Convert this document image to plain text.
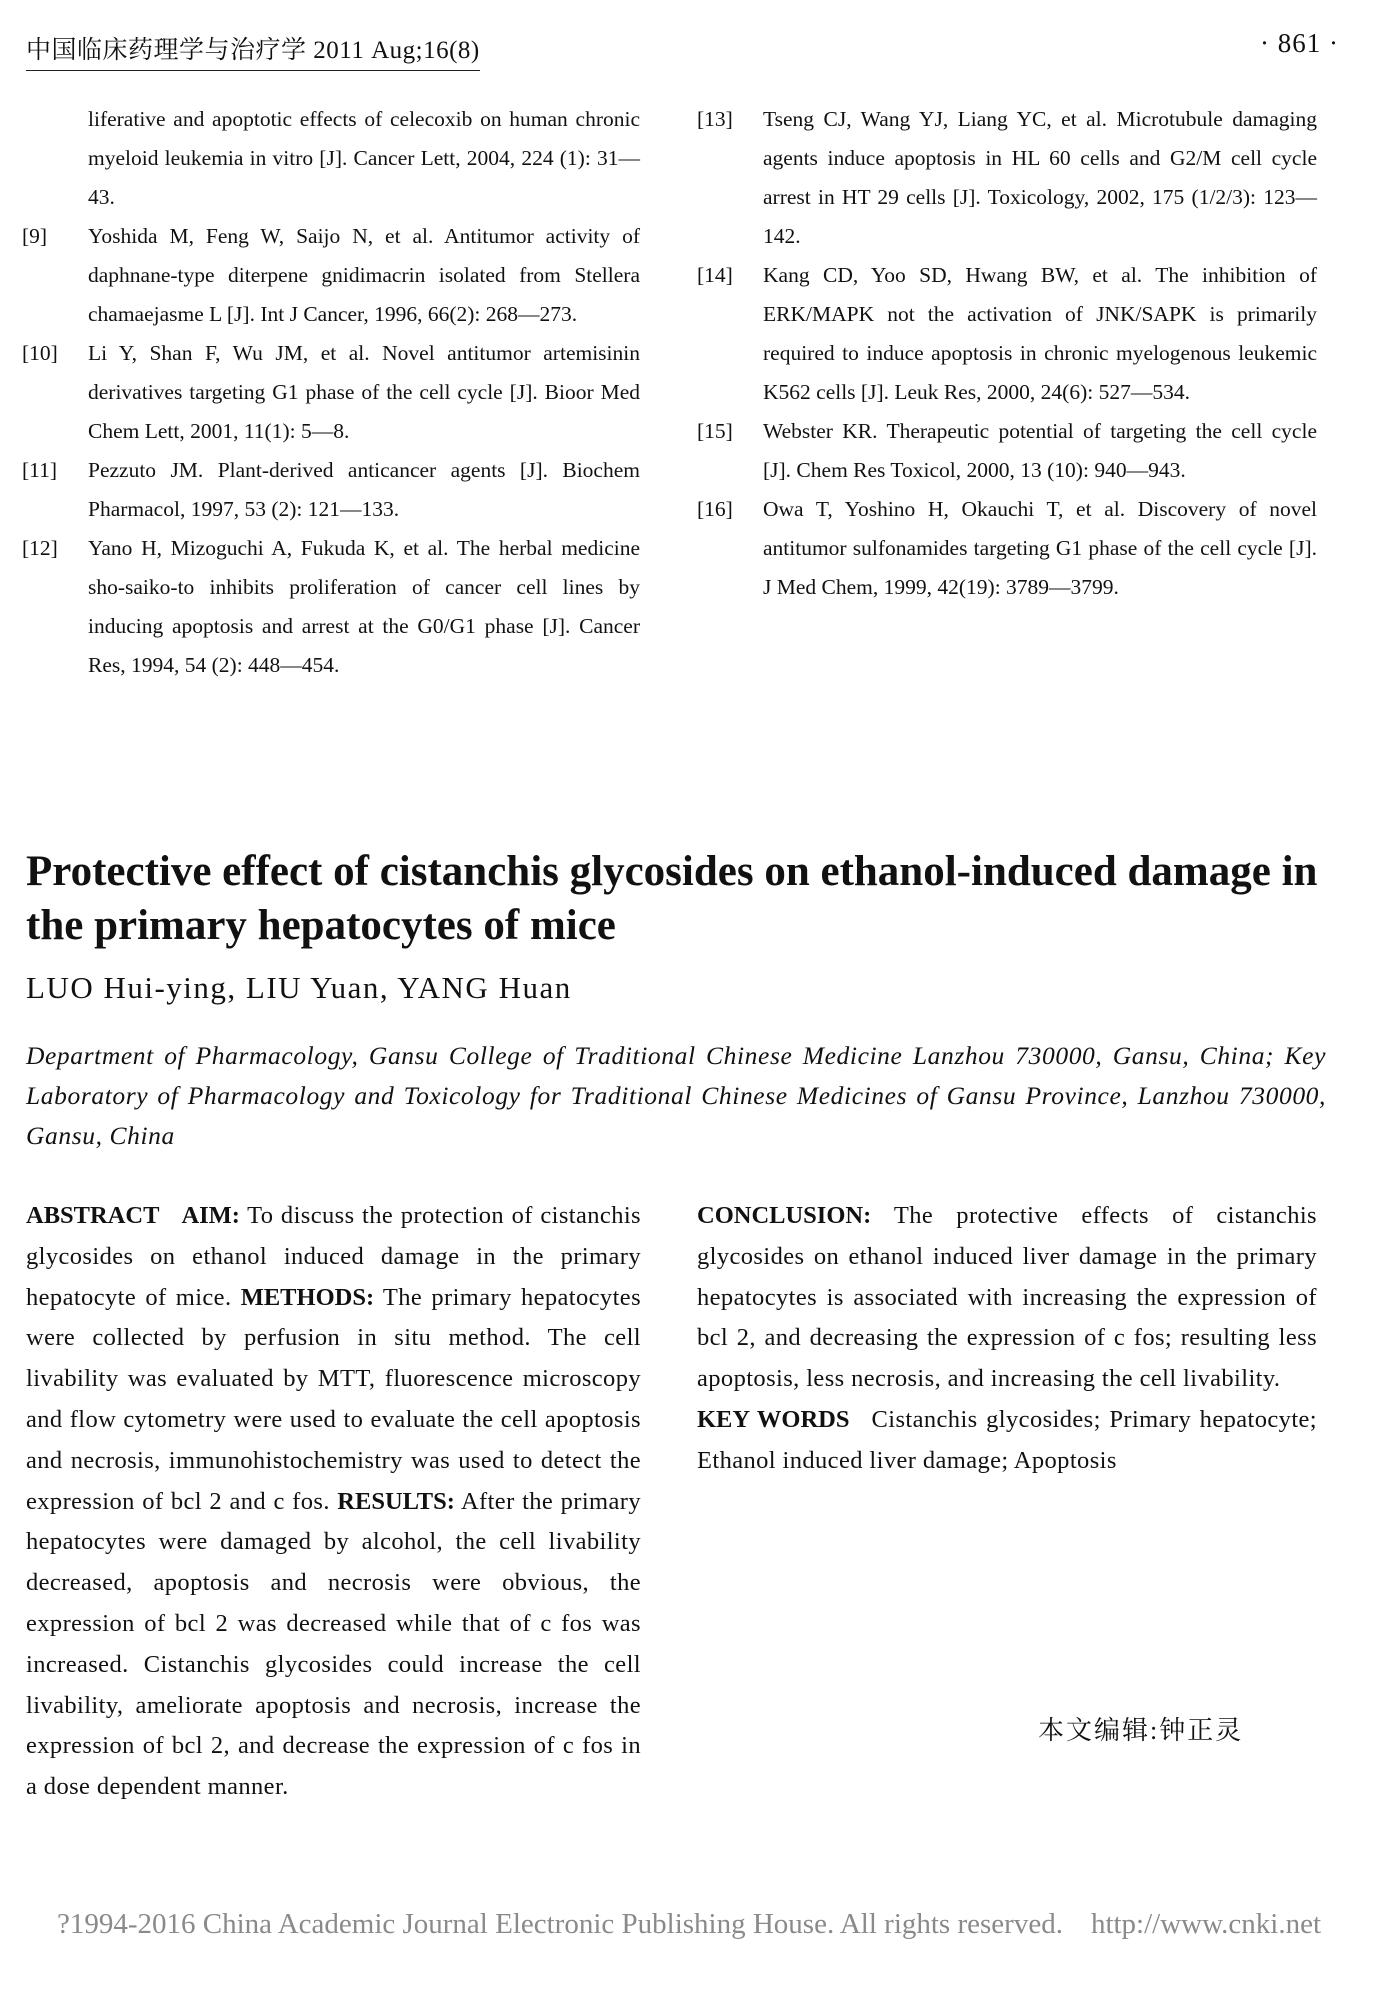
中国临床药理学与治疗学 2011 Aug;16(8)	· 861 ·
liferative and apoptotic effects of celecoxib on human chronic myeloid leukemia in vitro [J]. Cancer Lett, 2004, 224 (1): 31—43.
[9] Yoshida M, Feng W, Saijo N, et al. Antitumor activity of daphnane-type diterpene gnidimacrin isolated from Stellera chamaejasme L [J]. Int J Cancer, 1996, 66(2): 268—273.
[10] Li Y, Shan F, Wu JM, et al. Novel antitumor artemisinin derivatives targeting G1 phase of the cell cycle [J]. Bioor Med Chem Lett, 2001, 11(1): 5—8.
[11] Pezzuto JM. Plant-derived anticancer agents [J]. Biochem Pharmacol, 1997, 53 (2): 121—133.
[12] Yano H, Mizoguchi A, Fukuda K, et al. The herbal medicine sho-saiko-to inhibits proliferation of cancer cell lines by inducing apoptosis and arrest at the G0/G1 phase [J]. Cancer Res, 1994, 54 (2): 448—454.
[13] Tseng CJ, Wang YJ, Liang YC, et al. Microtubule damaging agents induce apoptosis in HL 60 cells and G2/M cell cycle arrest in HT 29 cells [J]. Toxicology, 2002, 175 (1/2/3): 123—142.
[14] Kang CD, Yoo SD, Hwang BW, et al. The inhibition of ERK/MAPK not the activation of JNK/SAPK is primarily required to induce apoptosis in chronic myelogenous leukemic K562 cells [J]. Leuk Res, 2000, 24(6): 527—534.
[15] Webster KR. Therapeutic potential of targeting the cell cycle [J]. Chem Res Toxicol, 2000, 13 (10): 940—943.
[16] Owa T, Yoshino H, Okauchi T, et al. Discovery of novel antitumor sulfonamides targeting G1 phase of the cell cycle [J]. J Med Chem, 1999, 42(19): 3789—3799.
Protective effect of cistanchis glycosides on ethanol-induced damage in the primary hepatocytes of mice
LUO Hui-ying, LIU Yuan, YANG Huan
Department of Pharmacology, Gansu College of Traditional Chinese Medicine Lanzhou 730000, Gansu, China; Key Laboratory of Pharmacology and Toxicology for Traditional Chinese Medicines of Gansu Province, Lanzhou 730000, Gansu, China
ABSTRACT AIM: To discuss the protection of cistanchis glycosides on ethanol induced damage in the primary hepatocyte of mice. METHODS: The primary hepatocytes were collected by perfusion in situ method. The cell livability was evaluated by MTT, fluorescence microscopy and flow cytometry were used to evaluate the cell apoptosis and necrosis, immunohistochemistry was used to detect the expression of bcl 2 and c fos. RESULTS: After the primary hepatocytes were damaged by alcohol, the cell livability decreased, apoptosis and necrosis were obvious, the expression of bcl 2 was decreased while that of c fos was increased. Cistanchis glycosides could increase the cell livability, ameliorate apoptosis and necrosis, increase the expression of bcl 2, and decrease the expression of c fos in a dose dependent manner.
CONCLUSION: The protective effects of cistanchis glycosides on ethanol induced liver damage in the primary hepatocytes is associated with increasing the expression of bcl 2, and decreasing the expression of c fos; resulting less apoptosis, less necrosis, and increasing the cell livability.
KEY WORDS Cistanchis glycosides; Primary hepatocyte; Ethanol induced liver damage; Apoptosis
本文编辑:钟正灵
?1994-2016 China Academic Journal Electronic Publishing House. All rights reserved. http://www.cnki.net
